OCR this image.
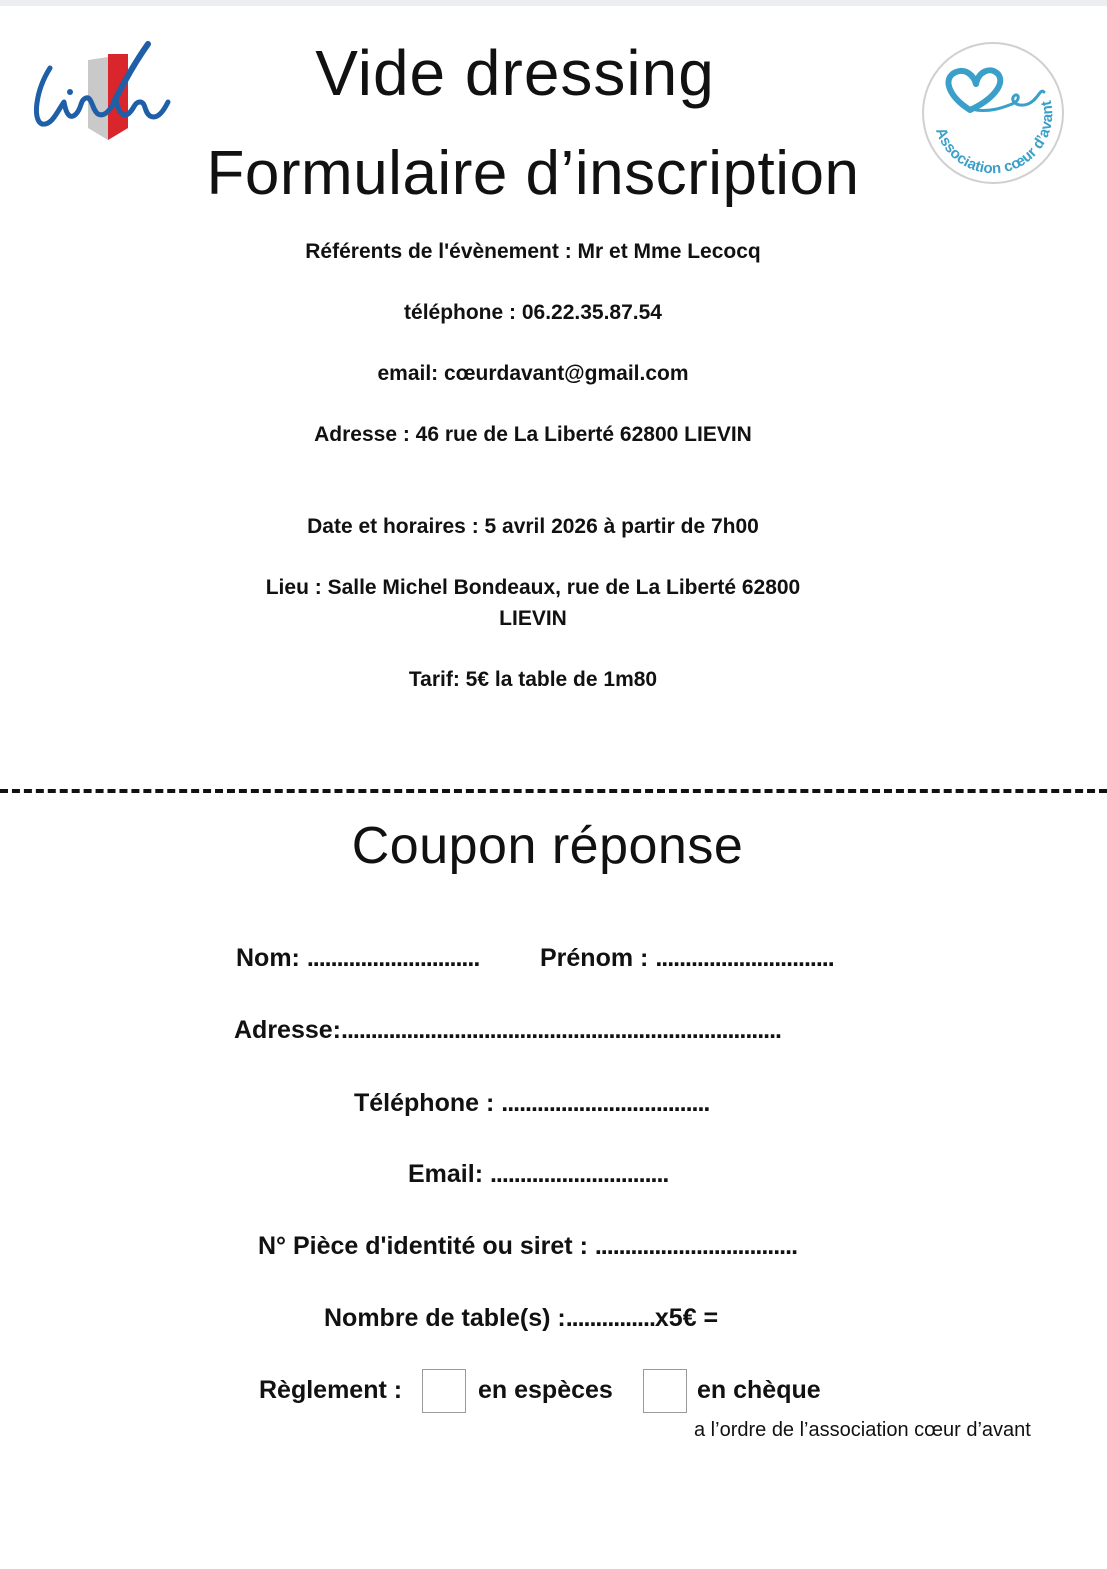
Association cœur d’avant
Vide dressing
Formulaire d’inscription
Référents de l'évènement : Mr et Mme Lecocq
téléphone : 06.22.35.87.54
email: cœurdavant@gmail.com
Adresse : 46 rue de La Liberté 62800 LIEVIN
Date et horaires : 5 avril 2026 à partir de 7h00
Lieu : Salle Michel Bondeaux, rue de La Liberté 62800
LIEVIN
Tarif: 5€ la table de 1m80
Coupon réponse
Nom: ............................. Prénom : ..............................
Adresse:..........................................................................
Téléphone : ...................................
Email: ..............................
N° Pièce d'identité ou siret : ..................................
Nombre de table(s) :...............x5€ =
Règlement :	en espèces	en chèque
a l’ordre de l’association cœur d’avant
